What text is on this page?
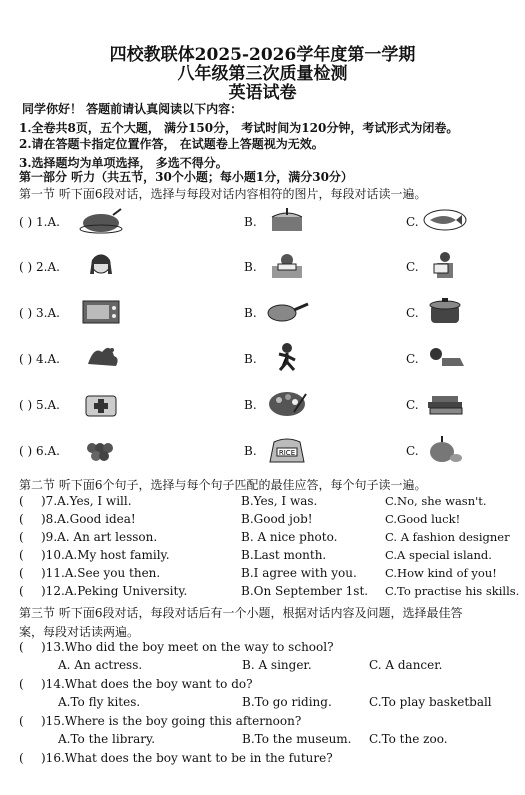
四校教联体2025-2026学年度第一学期
八年级第三次质量检测
英语试卷
同学你好！ 答题前请认真阅读以下内容：
1.全卷共8页，五个大题， 满分150分， 考试时间为120分钟，考试形式为闭卷。
2.请在答题卡指定位置作答， 在试题卷上答题视为无效。
3.选择题均为单项选择， 多选不得分。
第一部分 听力（共五节，30个小题；每小题1分，满分30分）
第一节 听下面6段对话，选择与每段对话内容相符的图片，每段对话读一遍。
( ) 1.A.	B.	C.
( ) 2.A.	B.	C.
( ) 3.A.	B.	C.
( ) 4.A.	B.	C.
( ) 5.A.	B.	C.
( ) 6.A.	B.	C.
RICE
第二节 听下面6个句子，选择与每个句子匹配的最佳应答，每个句子读一遍。
( )7.A.Yes, I will.	B.Yes, I was.	C.No, she wasn't.
( )8.A.Good idea!	B.Good job!	C.Good luck!
( )9.A. An art lesson.	B. A nice photo.	C. A fashion designer
( )10.A.My host family.	B.Last month.	C.A special island.
( )11.A.See you then.	B.I agree with you. C.How kind of you!
( )12.A.Peking University.	B.On September 1st. C.To practise his skills.
第三节 听下面6段对话，每段对话后有一个小题，根据对话内容及问题，选择最佳答
案，每段对话读两遍。
( )13.Who did the boy meet on the way to school?
A. An actress.	B. A singer.	C. A dancer.
( )14.What does the boy want to do?
A.To fly kites.	B.To go riding.	C.To play basketball
( )15.Where is the boy going this afternoon?
A.To the library.	B.To the museum. C.To the zoo.
( )16.What does the boy want to be in the future?
